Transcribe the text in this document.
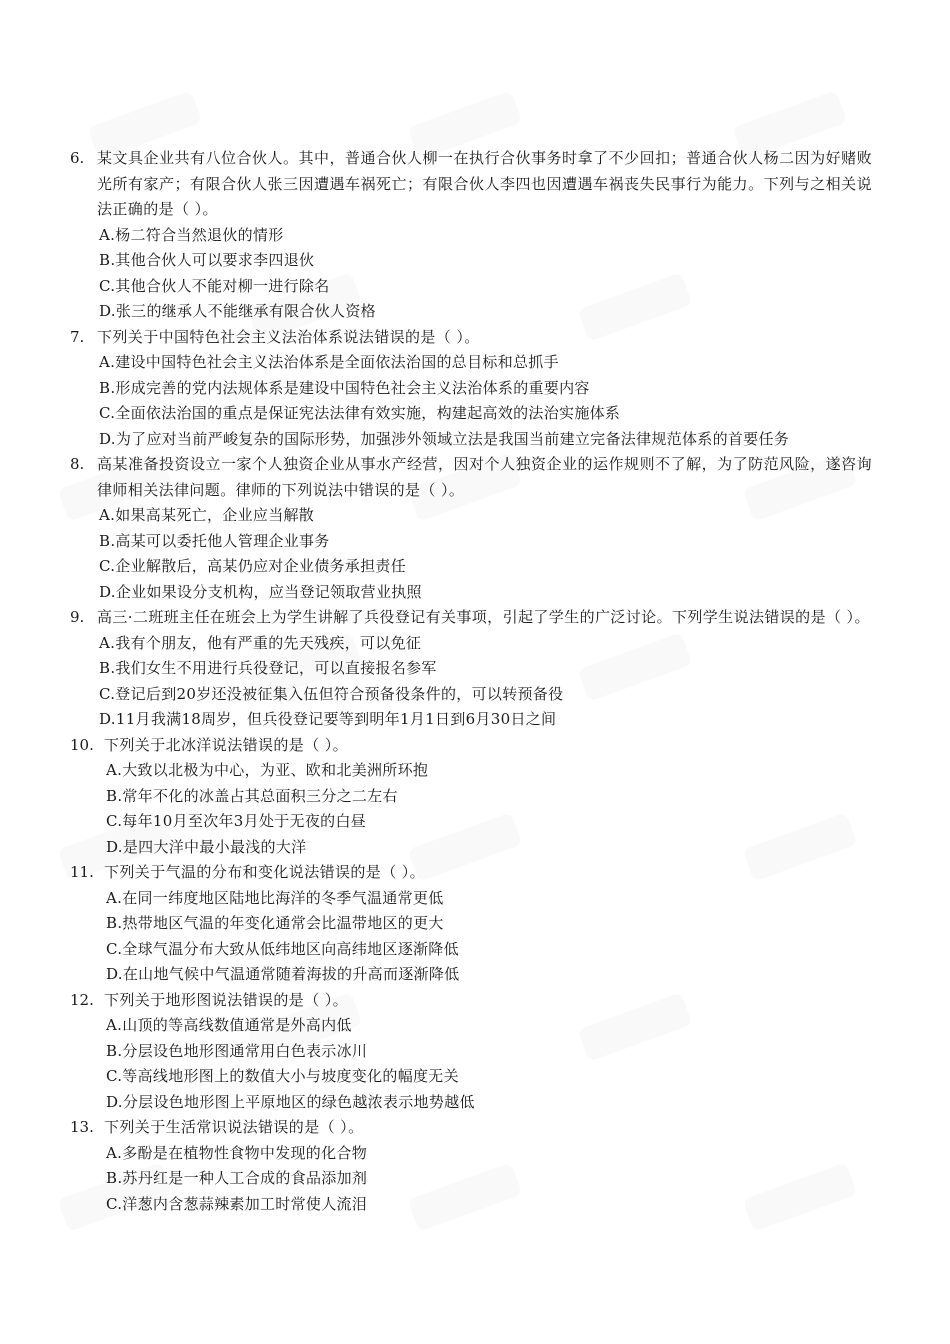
6. 某文具企业共有八位合伙人。其中，普通合伙人柳一在执行合伙事务时拿了不少回扣；普通合伙人杨二因为好赌败光所有家产；有限合伙人张三因遭遇车祸死亡；有限合伙人李四也因遭遇车祸丧失民事行为能力。下列与之相关说法正确的是（ ）。
A.杨二符合当然退伙的情形
B.其他合伙人可以要求李四退伙
C.其他合伙人不能对柳一进行除名
D.张三的继承人不能继承有限合伙人资格
7. 下列关于中国特色社会主义法治体系说法错误的是（ ）。
A.建设中国特色社会主义法治体系是全面依法治国的总目标和总抓手
B.形成完善的党内法规体系是建设中国特色社会主义法治体系的重要内容
C.全面依法治国的重点是保证宪法法律有效实施，构建起高效的法治实施体系
D.为了应对当前严峻复杂的国际形势，加强涉外领域立法是我国当前建立完备法律规范体系的首要任务
8. 高某准备投资设立一家个人独资企业从事水产经营，因对个人独资企业的运作规则不了解，为了防范风险，遂咨询律师相关法律问题。律师的下列说法中错误的是（ ）。
A.如果高某死亡，企业应当解散
B.高某可以委托他人管理企业事务
C.企业解散后，高某仍应对企业债务承担责任
D.企业如果设分支机构，应当登记领取营业执照
9. 高三·二班班主任在班会上为学生讲解了兵役登记有关事项，引起了学生的广泛讨论。下列学生说法错误的是（ ）。
A.我有个朋友，他有严重的先天残疾，可以免征
B.我们女生不用进行兵役登记，可以直接报名参军
C.登记后到20岁还没被征集入伍但符合预备役条件的，可以转预备役
D.11月我满18周岁，但兵役登记要等到明年1月1日到6月30日之间
10. 下列关于北冰洋说法错误的是（ ）。
A.大致以北极为中心，为亚、欧和北美洲所环抱
B.常年不化的冰盖占其总面积三分之二左右
C.每年10月至次年3月处于无夜的白昼
D.是四大洋中最小最浅的大洋
11. 下列关于气温的分布和变化说法错误的是（ ）。
A.在同一纬度地区陆地比海洋的冬季气温通常更低
B.热带地区气温的年变化通常会比温带地区的更大
C.全球气温分布大致从低纬地区向高纬地区逐渐降低
D.在山地气候中气温通常随着海拔的升高而逐渐降低
12. 下列关于地形图说法错误的是（ ）。
A.山顶的等高线数值通常是外高内低
B.分层设色地形图通常用白色表示冰川
C.等高线地形图上的数值大小与坡度变化的幅度无关
D.分层设色地形图上平原地区的绿色越浓表示地势越低
13. 下列关于生活常识说法错误的是（ ）。
A.多酚是在植物性食物中发现的化合物
B.苏丹红是一种人工合成的食品添加剂
C.洋葱内含葱蒜辣素加工时常使人流泪
